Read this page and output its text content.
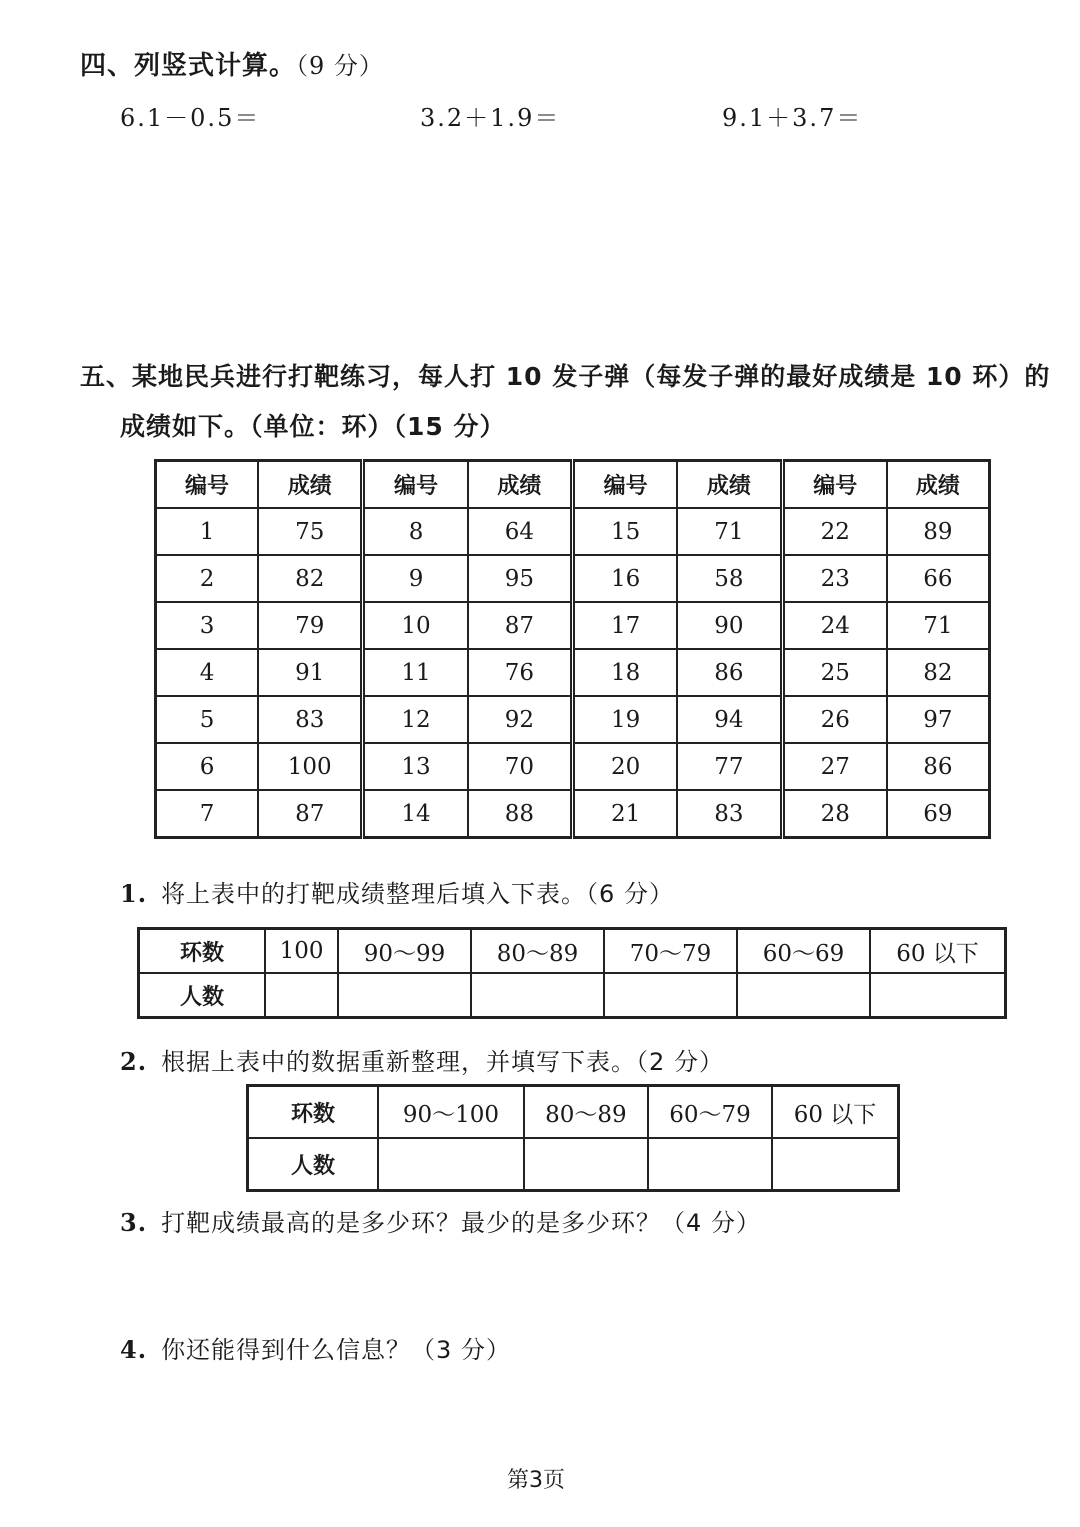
四、列竖式计算。（9 分）
6.1－0.5＝	3.2＋1.9＝	9.1＋3.7＝
五、某地民兵进行打靶练习，每人打 10 发子弹（每发子弹的最好成绩是 10 环）的
成绩如下。（单位：环）（15 分）
编号	成绩	编号	成绩	编号	成绩	编号	成绩
1	75	8	64	15	71	22	89
2	82	9	95	16	58	23	66
3	79	10	87	17	90	24	71
4	91	11	76	18	86	25	82
5	83	12	92	19	94	26	97
6	100	13	70	20	77	27	86
7	87	14	88	21	83	28	69
1. 将上表中的打靶成绩整理后填入下表。（6 分）
环数	100	90～99	80～89	70～79	60～69	60 以下
人数						
2. 根据上表中的数据重新整理，并填写下表。（2 分）
环数	90～100	80～89	60～79	60 以下
人数				
3. 打靶成绩最高的是多少环？最少的是多少环？（4 分）
4. 你还能得到什么信息？（3 分）
第3页
